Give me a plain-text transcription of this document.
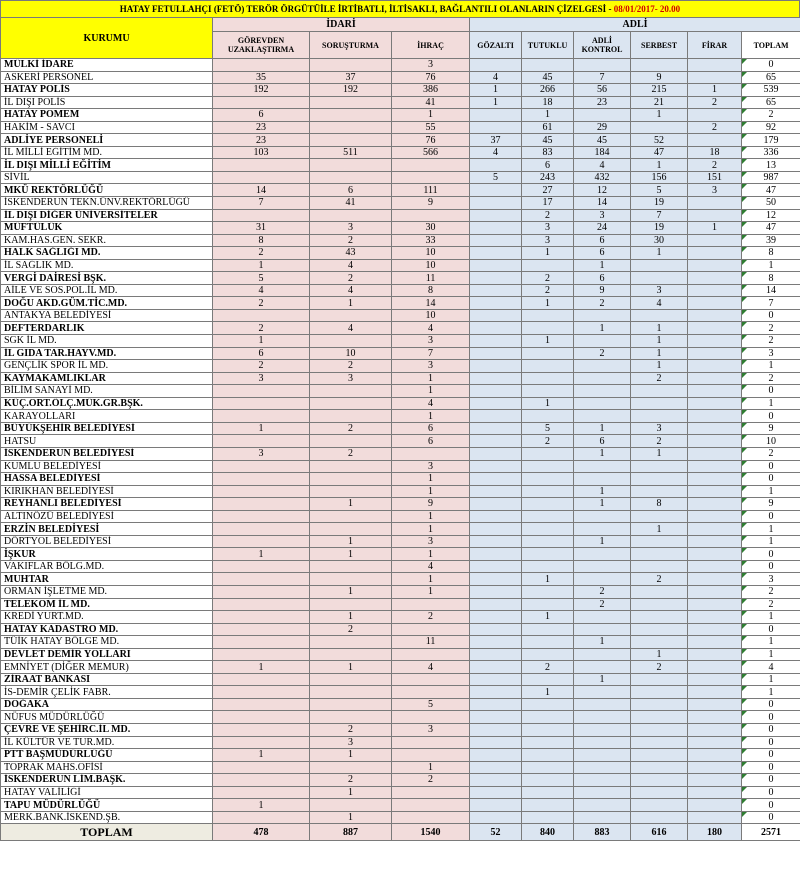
HATAY FETULLAHÇI (FETÖ) TERÖR ÖRGÜTÜİLE İRTİBATLI, İLTİSAKLI, BAĞLANTILI OLANLARIN ÇİZELGESİ - 08/01/2017- 20.00
KURUMU	İDARİ			ADLİ					
	GÖREVDEN UZAKLAŞTIRMA	SORUŞTURMA	İHRAÇ	GÖZALTI	TUTUKLU	ADLİ KONTROL	SERBEST	FİRAR	TOPLAM
MÜLKİ İDARE			3						0
ASKERİ PERSONEL	35	37	76	4	45	7	9		65
HATAY POLİS	192	192	386	1	266	56	215	1	539
İL DIŞI POLİS			41	1	18	23	21	2	65
HATAY POMEM	6		1		1		1		2
HAKİM - SAVCI	23		55		61	29		2	92
ADLİYE PERSONELİ	23		76	37	45	45	52		179
İL MİLLİ EĞİTİM MD.	103	511	566	4	83	184	47	18	336
İL DIŞI MİLLİ EĞİTİM					6	4	1	2	13
SİVİL				5	243	432	156	151	987
MKÜ REKTÖRLÜĞÜ	14	6	111		27	12	5	3	47
İSKENDERUN TEKN.ÜNV.REKTÖRLÜĞÜ	7	41	9		17	14	19		50
İL DIŞI DİĞER ÜNİVERSİTELER					2	3	7		12
MÜFTÜLÜK	31	3	30		3	24	19	1	47
KAM.HAS.GEN. SEKR.	8	2	33		3	6	30		39
HALK SAĞLIĞI MD.	2	43	10		1	6	1		8
İL SAĞLIK MD.	1	4	10			1			1
VERGİ DAİRESİ BŞK.	5	2	11		2	6			8
AİLE VE SOS.POL.İL MD.	4	4	8		2	9	3		14
DOĞU AKD.GÜM.TİC.MD.	2	1	14		1	2	4		7
ANTAKYA BELEDİYESİ			10						0
DEFTERDARLIK	2	4	4			1	1		2
SGK İL MD.	1		3		1		1		2
İL GIDA TAR.HAYV.MD.	6	10	7			2	1		3
GENÇLİK SPOR İL MD.	2	2	3				1		1
KAYMAKAMLIKLAR	3	3	1				2		2
BİLİM SANAYİ MD.			1						0
KÜÇ.ORT.ÖLÇ.MÜK.GR.BŞK.			4		1				1
KARAYOLLARI			1						0
BÜYÜKŞEHİR BELEDİYESİ	1	2	6		5	1	3		9
HATSU			6		2	6	2		10
İSKENDERUN BELEDİYESİ	3	2				1	1		2
KUMLU BELEDİYESİ			3						0
HASSA BELEDİYESİ			1						0
KIRIKHAN BELEDİYESİ			1			1			1
REYHANLI BELEDİYESİ		1	9			1	8		9
ALTINÖZÜ BELEDİYESİ			1						0
ERZİN BELEDİYESİ			1				1		1
DÖRTYOL BELEDİYESİ		1	3			1			1
İŞKUR	1	1	1						0
VAKIFLAR BÖLG.MD.			4						0
MUHTAR			1		1		2		3
ORMAN İŞLETME MD.		1	1			2			2
TELEKOM İL MD.						2			2
KREDİ YURT.MD.		1	2		1				1
HATAY KADASTRO MD.		2							0
TÜİK HATAY BÖLGE MD.			11			1			1
DEVLET DEMİR YOLLARI							1		1
EMNİYET (DİĞER MEMUR)	1	1	4		2		2		4
ZİRAAT BANKASI						1			1
İS-DEMİR ÇELİK FABR.					1				1
DOĞAKA			5						0
NÜFUS MÜDÜRLÜĞÜ									0
ÇEVRE VE ŞEHİRC.İL MD.		2	3						0
İL KÜLTÜR VE TUR.MD.		3							0
PTT BAŞMÜDÜRLÜĞÜ	1	1							0
TOPRAK MAHS.OFİSİ			1						0
İSKENDERUN LİM.BAŞK.		2	2						0
HATAY VALİLİĞİ		1							0
TAPU MÜDÜRLÜĞÜ	1								0
MERK.BANK.İSKEND.ŞB.		1							0
TOPLAM	478	887	1540	52	840	883	616	180	2571
